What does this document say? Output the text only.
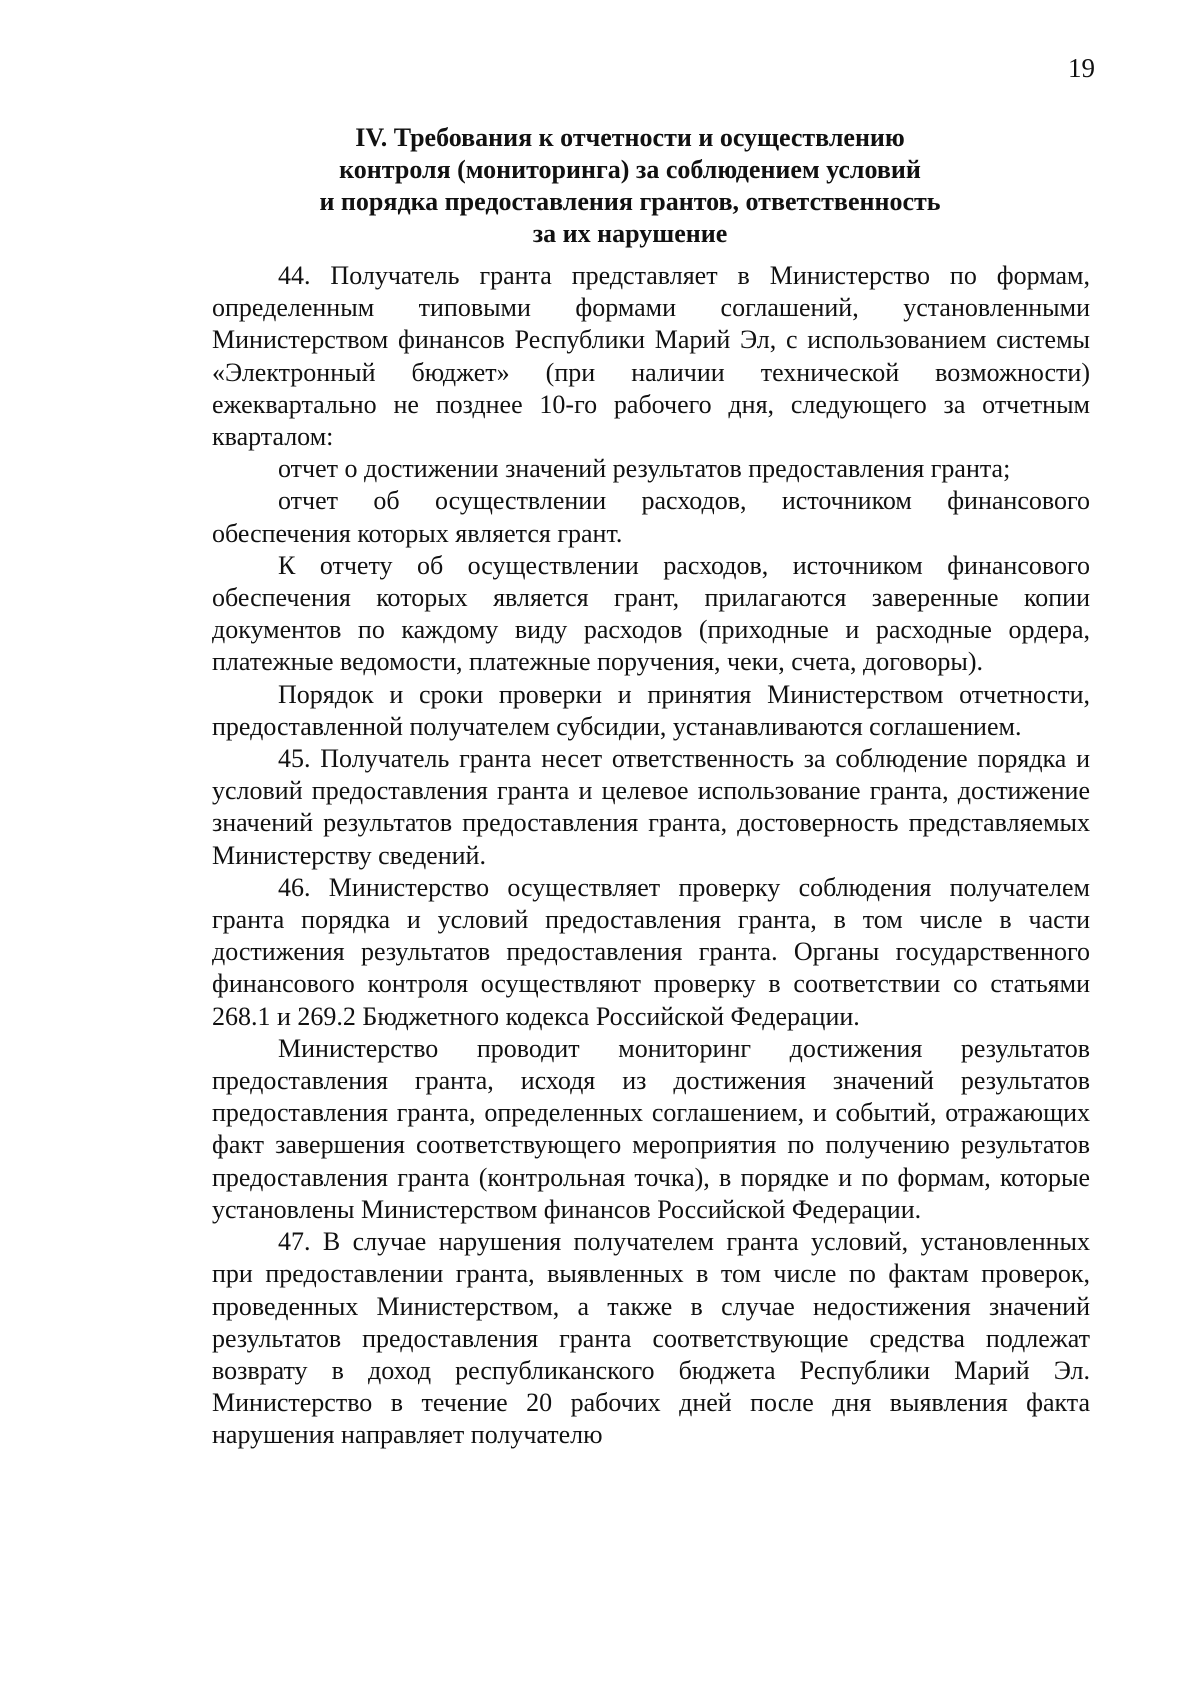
19
IV. Требования к отчетности и осуществлению
контроля (мониторинга) за соблюдением условий
и порядка предоставления грантов, ответственность
за их нарушение

44. Получатель гранта представляет в Министерство по формам, определенным типовыми формами соглашений, установленными Министерством финансов Республики Марий Эл, с использованием системы «Электронный бюджет» (при наличии технической возможности) ежеквартально не позднее 10-го рабочего дня, следующего за отчетным кварталом:

отчет о достижении значений результатов предоставления гранта;

отчет об осуществлении расходов, источником финансового обеспечения которых является грант.

К отчету об осуществлении расходов, источником финансового обеспечения которых является грант, прилагаются заверенные копии документов по каждому виду расходов (приходные и расходные ордера, платежные ведомости, платежные поручения, чеки, счета, договоры).

Порядок и сроки проверки и принятия Министерством отчетности, предоставленной получателем субсидии, устанавливаются соглашением.

45. Получатель гранта несет ответственность за соблюдение порядка и условий предоставления гранта и целевое использование гранта, достижение значений результатов предоставления гранта, достоверность представляемых Министерству сведений.

46. Министерство осуществляет проверку соблюдения получателем гранта порядка и условий предоставления гранта, в том числе в части достижения результатов предоставления гранта. Органы государственного финансового контроля осуществляют проверку в соответствии со статьями 268.1 и 269.2 Бюджетного кодекса Российской Федерации.

Министерство проводит мониторинг достижения результатов предоставления гранта, исходя из достижения значений результатов предоставления гранта, определенных соглашением, и событий, отражающих факт завершения соответствующего мероприятия по получению результатов предоставления гранта (контрольная точка), в порядке и по формам, которые установлены Министерством финансов Российской Федерации.

47. В случае нарушения получателем гранта условий, установленных при предоставлении гранта, выявленных в том числе по фактам проверок, проведенных Министерством, а также в случае недостижения значений результатов предоставления гранта соответствующие средства подлежат возврату в доход республиканского бюджета Республики Марий Эл. Министерство в течение 20 рабочих дней после дня выявления факта нарушения направляет получателю
